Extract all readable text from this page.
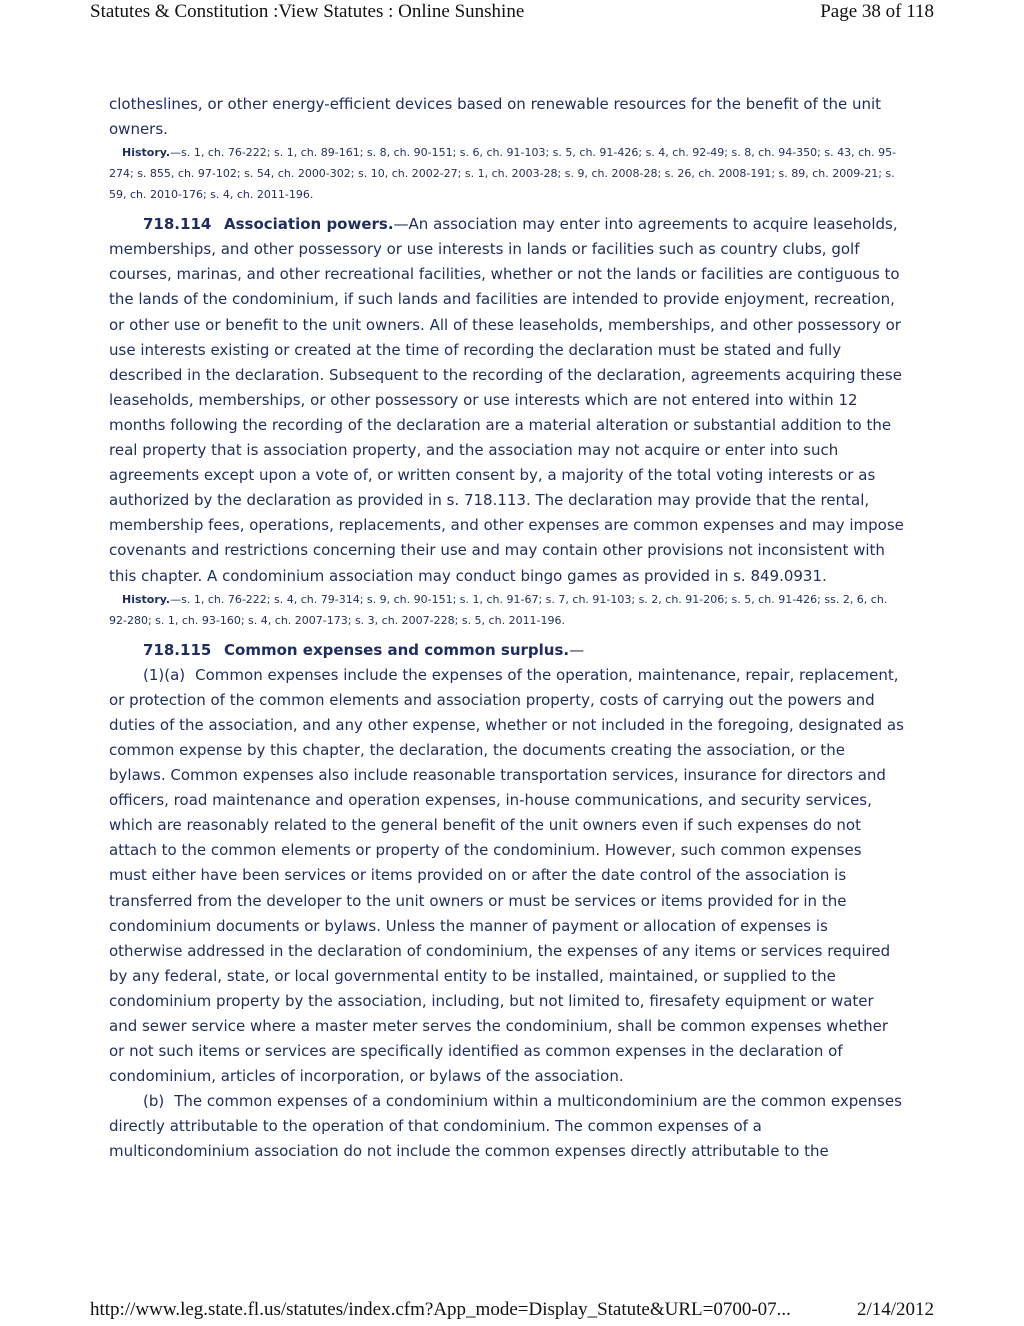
Statutes & Constitution :View Statutes : Online Sunshine	Page 38 of 118

clotheslines, or other energy-efficient devices based on renewable resources for the benefit of the unit owners.

History.—s. 1, ch. 76-222; s. 1, ch. 89-161; s. 8, ch. 90-151; s. 6, ch. 91-103; s. 5, ch. 91-426; s. 4, ch. 92-49; s. 8, ch. 94-350; s. 43, ch. 95-274; s. 855, ch. 97-102; s. 54, ch. 2000-302; s. 10, ch. 2002-27; s. 1, ch. 2003-28; s. 9, ch. 2008-28; s. 26, ch. 2008-191; s. 89, ch. 2009-21; s. 59, ch. 2010-176; s. 4, ch. 2011-196.

718.114 Association powers.—An association may enter into agreements to acquire leaseholds, memberships, and other possessory or use interests in lands or facilities such as country clubs, golf courses, marinas, and other recreational facilities, whether or not the lands or facilities are contiguous to the lands of the condominium, if such lands and facilities are intended to provide enjoyment, recreation, or other use or benefit to the unit owners. All of these leaseholds, memberships, and other possessory or use interests existing or created at the time of recording the declaration must be stated and fully described in the declaration. Subsequent to the recording of the declaration, agreements acquiring these leaseholds, memberships, or other possessory or use interests which are not entered into within 12 months following the recording of the declaration are a material alteration or substantial addition to the real property that is association property, and the association may not acquire or enter into such agreements except upon a vote of, or written consent by, a majority of the total voting interests or as authorized by the declaration as provided in s. 718.113. The declaration may provide that the rental, membership fees, operations, replacements, and other expenses are common expenses and may impose covenants and restrictions concerning their use and may contain other provisions not inconsistent with this chapter. A condominium association may conduct bingo games as provided in s. 849.0931.

History.—s. 1, ch. 76-222; s. 4, ch. 79-314; s. 9, ch. 90-151; s. 1, ch. 91-67; s. 7, ch. 91-103; s. 2, ch. 91-206; s. 5, ch. 91-426; ss. 2, 6, ch. 92-280; s. 1, ch. 93-160; s. 4, ch. 2007-173; s. 3, ch. 2007-228; s. 5, ch. 2011-196.

718.115 Common expenses and common surplus.—

(1)(a) Common expenses include the expenses of the operation, maintenance, repair, replacement, or protection of the common elements and association property, costs of carrying out the powers and duties of the association, and any other expense, whether or not included in the foregoing, designated as common expense by this chapter, the declaration, the documents creating the association, or the bylaws. Common expenses also include reasonable transportation services, insurance for directors and officers, road maintenance and operation expenses, in-house communications, and security services, which are reasonably related to the general benefit of the unit owners even if such expenses do not attach to the common elements or property of the condominium. However, such common expenses must either have been services or items provided on or after the date control of the association is transferred from the developer to the unit owners or must be services or items provided for in the condominium documents or bylaws. Unless the manner of payment or allocation of expenses is otherwise addressed in the declaration of condominium, the expenses of any items or services required by any federal, state, or local governmental entity to be installed, maintained, or supplied to the condominium property by the association, including, but not limited to, firesafety equipment or water and sewer service where a master meter serves the condominium, shall be common expenses whether or not such items or services are specifically identified as common expenses in the declaration of condominium, articles of incorporation, or bylaws of the association.

(b) The common expenses of a condominium within a multicondominium are the common expenses directly attributable to the operation of that condominium. The common expenses of a multicondominium association do not include the common expenses directly attributable to the

http://www.leg.state.fl.us/statutes/index.cfm?App_mode=Display_Statute&URL=0700-07...	2/14/2012
